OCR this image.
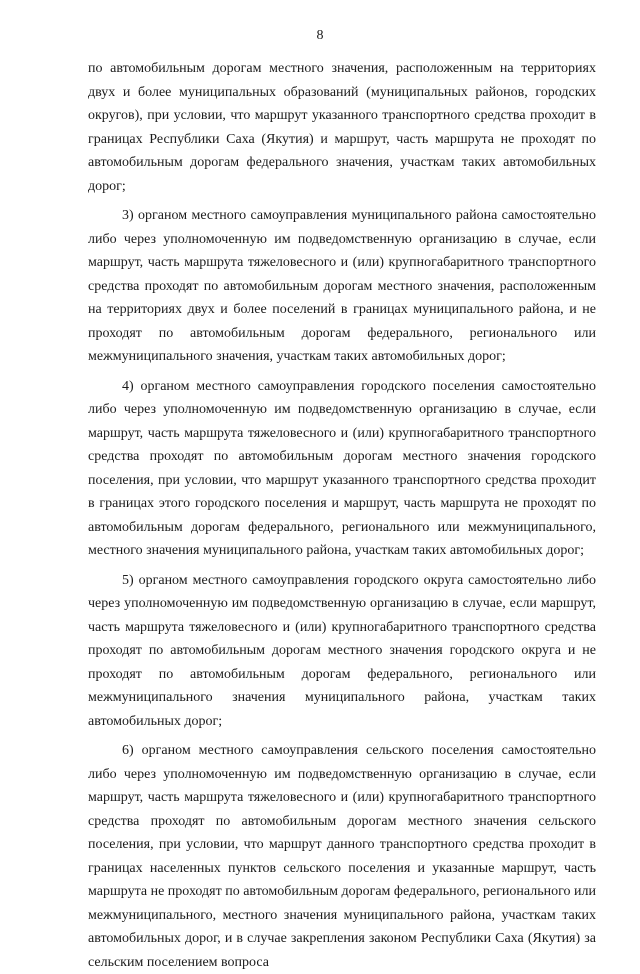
8

по автомобильным дорогам местного значения, расположенным на территориях двух и более муниципальных образований (муниципальных районов, городских округов), при условии, что маршрут указанного транспортного средства проходит в границах Республики Саха (Якутия) и маршрут, часть маршрута не проходят по автомобильным дорогам федерального значения, участкам таких автомобильных дорог;

3) органом местного самоуправления муниципального района самостоятельно либо через уполномоченную им подведомственную организацию в случае, если маршрут, часть маршрута тяжеловесного и (или) крупногабаритного транспортного средства проходят по автомобильным дорогам местного значения, расположенным на территориях двух и более поселений в границах муниципального района, и не проходят по автомобильным дорогам федерального, регионального или межмуниципального значения, участкам таких автомобильных дорог;

4) органом местного самоуправления городского поселения самостоятельно либо через уполномоченную им подведомственную организацию в случае, если маршрут, часть маршрута тяжеловесного и (или) крупногабаритного транспортного средства проходят по автомобильным дорогам местного значения городского поселения, при условии, что маршрут указанного транспортного средства проходит в границах этого городского поселения и маршрут, часть маршрута не проходят по автомобильным дорогам федерального, регионального или межмуниципального, местного значения муниципального района, участкам таких автомобильных дорог;

5) органом местного самоуправления городского округа самостоятельно либо через уполномоченную им подведомственную организацию в случае, если маршрут, часть маршрута тяжеловесного и (или) крупногабаритного транспортного средства проходят по автомобильным дорогам местного значения городского округа и не проходят по автомобильным дорогам федерального, регионального или межмуниципального значения муниципального района, участкам таких автомобильных дорог;

6) органом местного самоуправления сельского поселения самостоятельно либо через уполномоченную им подведомственную организацию в случае, если маршрут, часть маршрута тяжеловесного и (или) крупногабаритного транспортного средства проходят по автомобильным дорогам местного значения сельского поселения, при условии, что маршрут данного транспортного средства проходит в границах населенных пунктов сельского поселения и указанные маршрут, часть маршрута не проходят по автомобильным дорогам федерального, регионального или межмуниципального, местного значения муниципального района, участкам таких автомобильных дорог, и в случае закрепления законом Республики Саха (Якутия) за сельским поселением вопроса
